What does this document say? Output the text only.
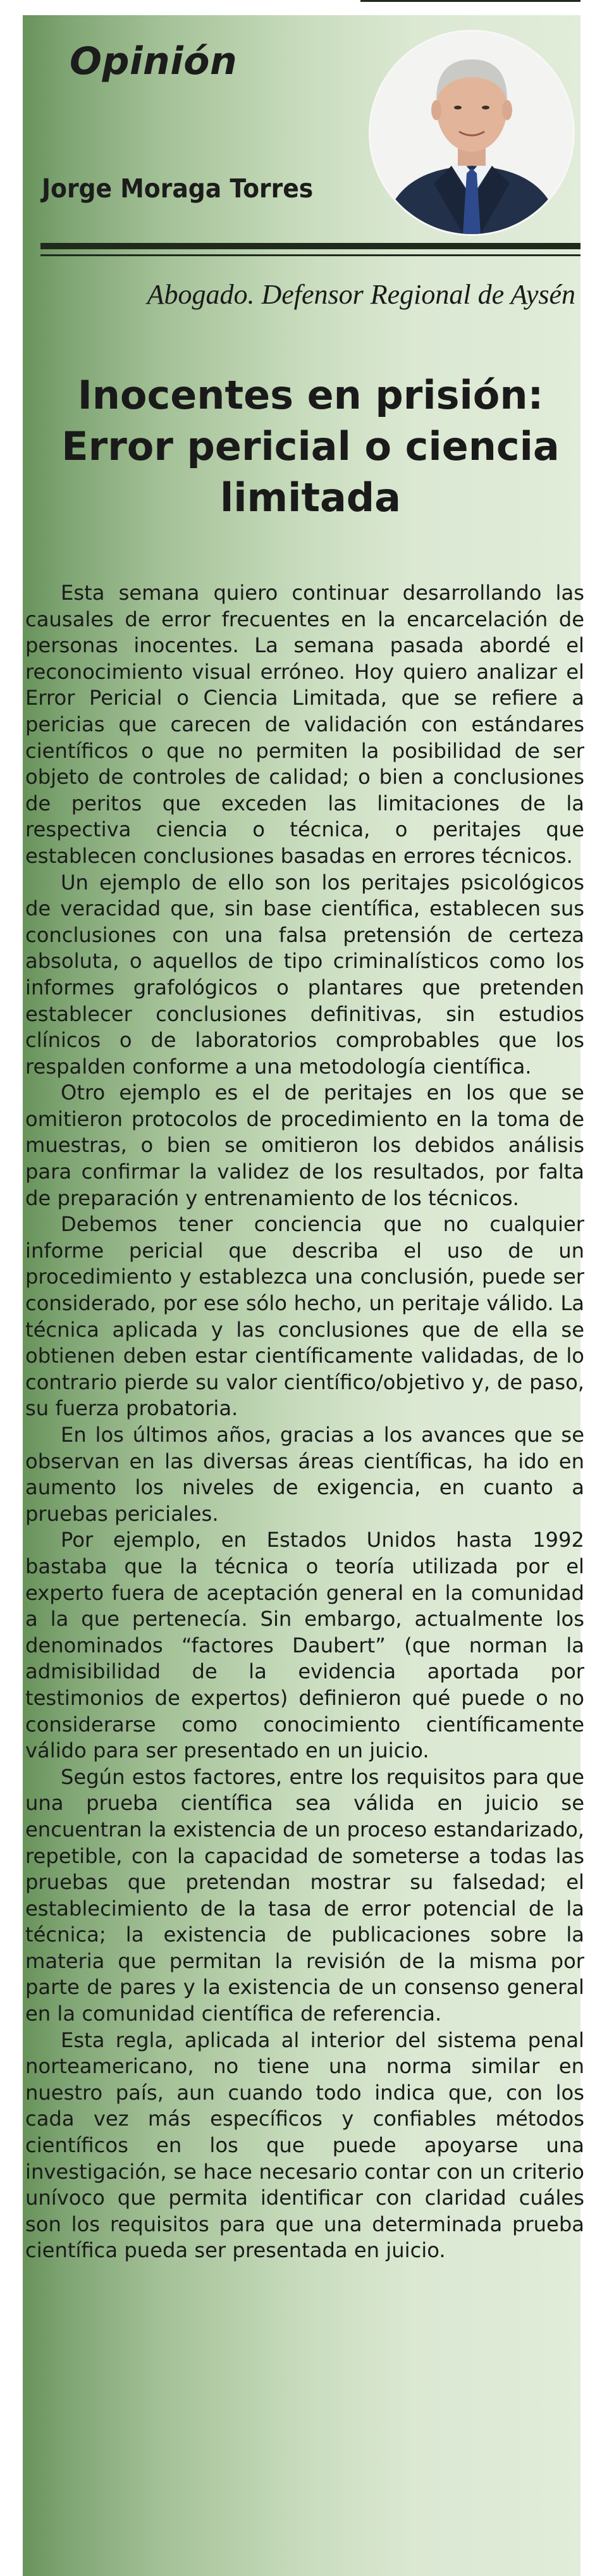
Opinión
Jorge Moraga Torres
Abogado. Defensor Regional de Aysén
Inocentes en prisión:
Error pericial o ciencia
limitada

Esta semana quiero continuar desarrollando las causales de error frecuentes en la encarcelación de personas inocentes. La semana pasada abordé el reconocimiento visual erróneo. Hoy quiero analizar el Error Pericial o Ciencia Limitada, que se refiere a pericias que carecen de validación con estándares científicos o que no permiten la posibilidad de ser objeto de controles de calidad; o bien a conclusiones de peritos que exceden las limitaciones de la respectiva ciencia o técnica, o peritajes que establecen conclusiones basadas en errores técnicos.

Un ejemplo de ello son los peritajes psicológicos de veracidad que, sin base científica, establecen sus conclusiones con una falsa pretensión de certeza absoluta, o aquellos de tipo criminalísticos como los informes grafológicos o plantares que pretenden establecer conclusiones definitivas, sin estudios clínicos o de laboratorios comprobables que los respalden conforme a una metodología científica.

Otro ejemplo es el de peritajes en los que se omitieron protocolos de procedimiento en la toma de muestras, o bien se omitieron los debidos análisis para confirmar la validez de los resultados, por falta de preparación y entrenamiento de los técnicos.

Debemos tener conciencia que no cualquier informe pericial que describa el uso de un procedimiento y establezca una conclusión, puede ser considerado, por ese sólo hecho, un peritaje válido. La técnica aplicada y las conclusiones que de ella se obtienen deben estar científicamente validadas, de lo contrario pierde su valor científico/objetivo y, de paso, su fuerza probatoria.

En los últimos años, gracias a los avances que se observan en las diversas áreas científicas, ha ido en aumento los niveles de exigencia, en cuanto a pruebas periciales.

Por ejemplo, en Estados Unidos hasta 1992 bastaba que la técnica o teoría utilizada por el experto fuera de aceptación general en la comunidad a la que pertenecía. Sin embargo, actualmente los denominados “factores Daubert” (que norman la admisibilidad de la evidencia aportada por testimonios de expertos) definieron qué puede o no considerarse como conocimiento científicamente válido para ser presentado en un juicio.

Según estos factores, entre los requisitos para que una prueba científica sea válida en juicio se encuentran la existencia de un proceso estandarizado, repetible, con la capacidad de someterse a todas las pruebas que pretendan mostrar su falsedad; el establecimiento de la tasa de error potencial de la técnica; la existencia de publicaciones sobre la materia que permitan la revisión de la misma por parte de pares y la existencia de un consenso general en la comunidad científica de referencia.

Esta regla, aplicada al interior del sistema penal norteamericano, no tiene una norma similar en nuestro país, aun cuando todo indica que, con los cada vez más específicos y confiables métodos científicos en los que puede apoyarse una investigación, se hace necesario contar con un criterio unívoco que permita identificar con claridad cuáles son los requisitos para que una determinada prueba científica pueda ser presentada en juicio.
